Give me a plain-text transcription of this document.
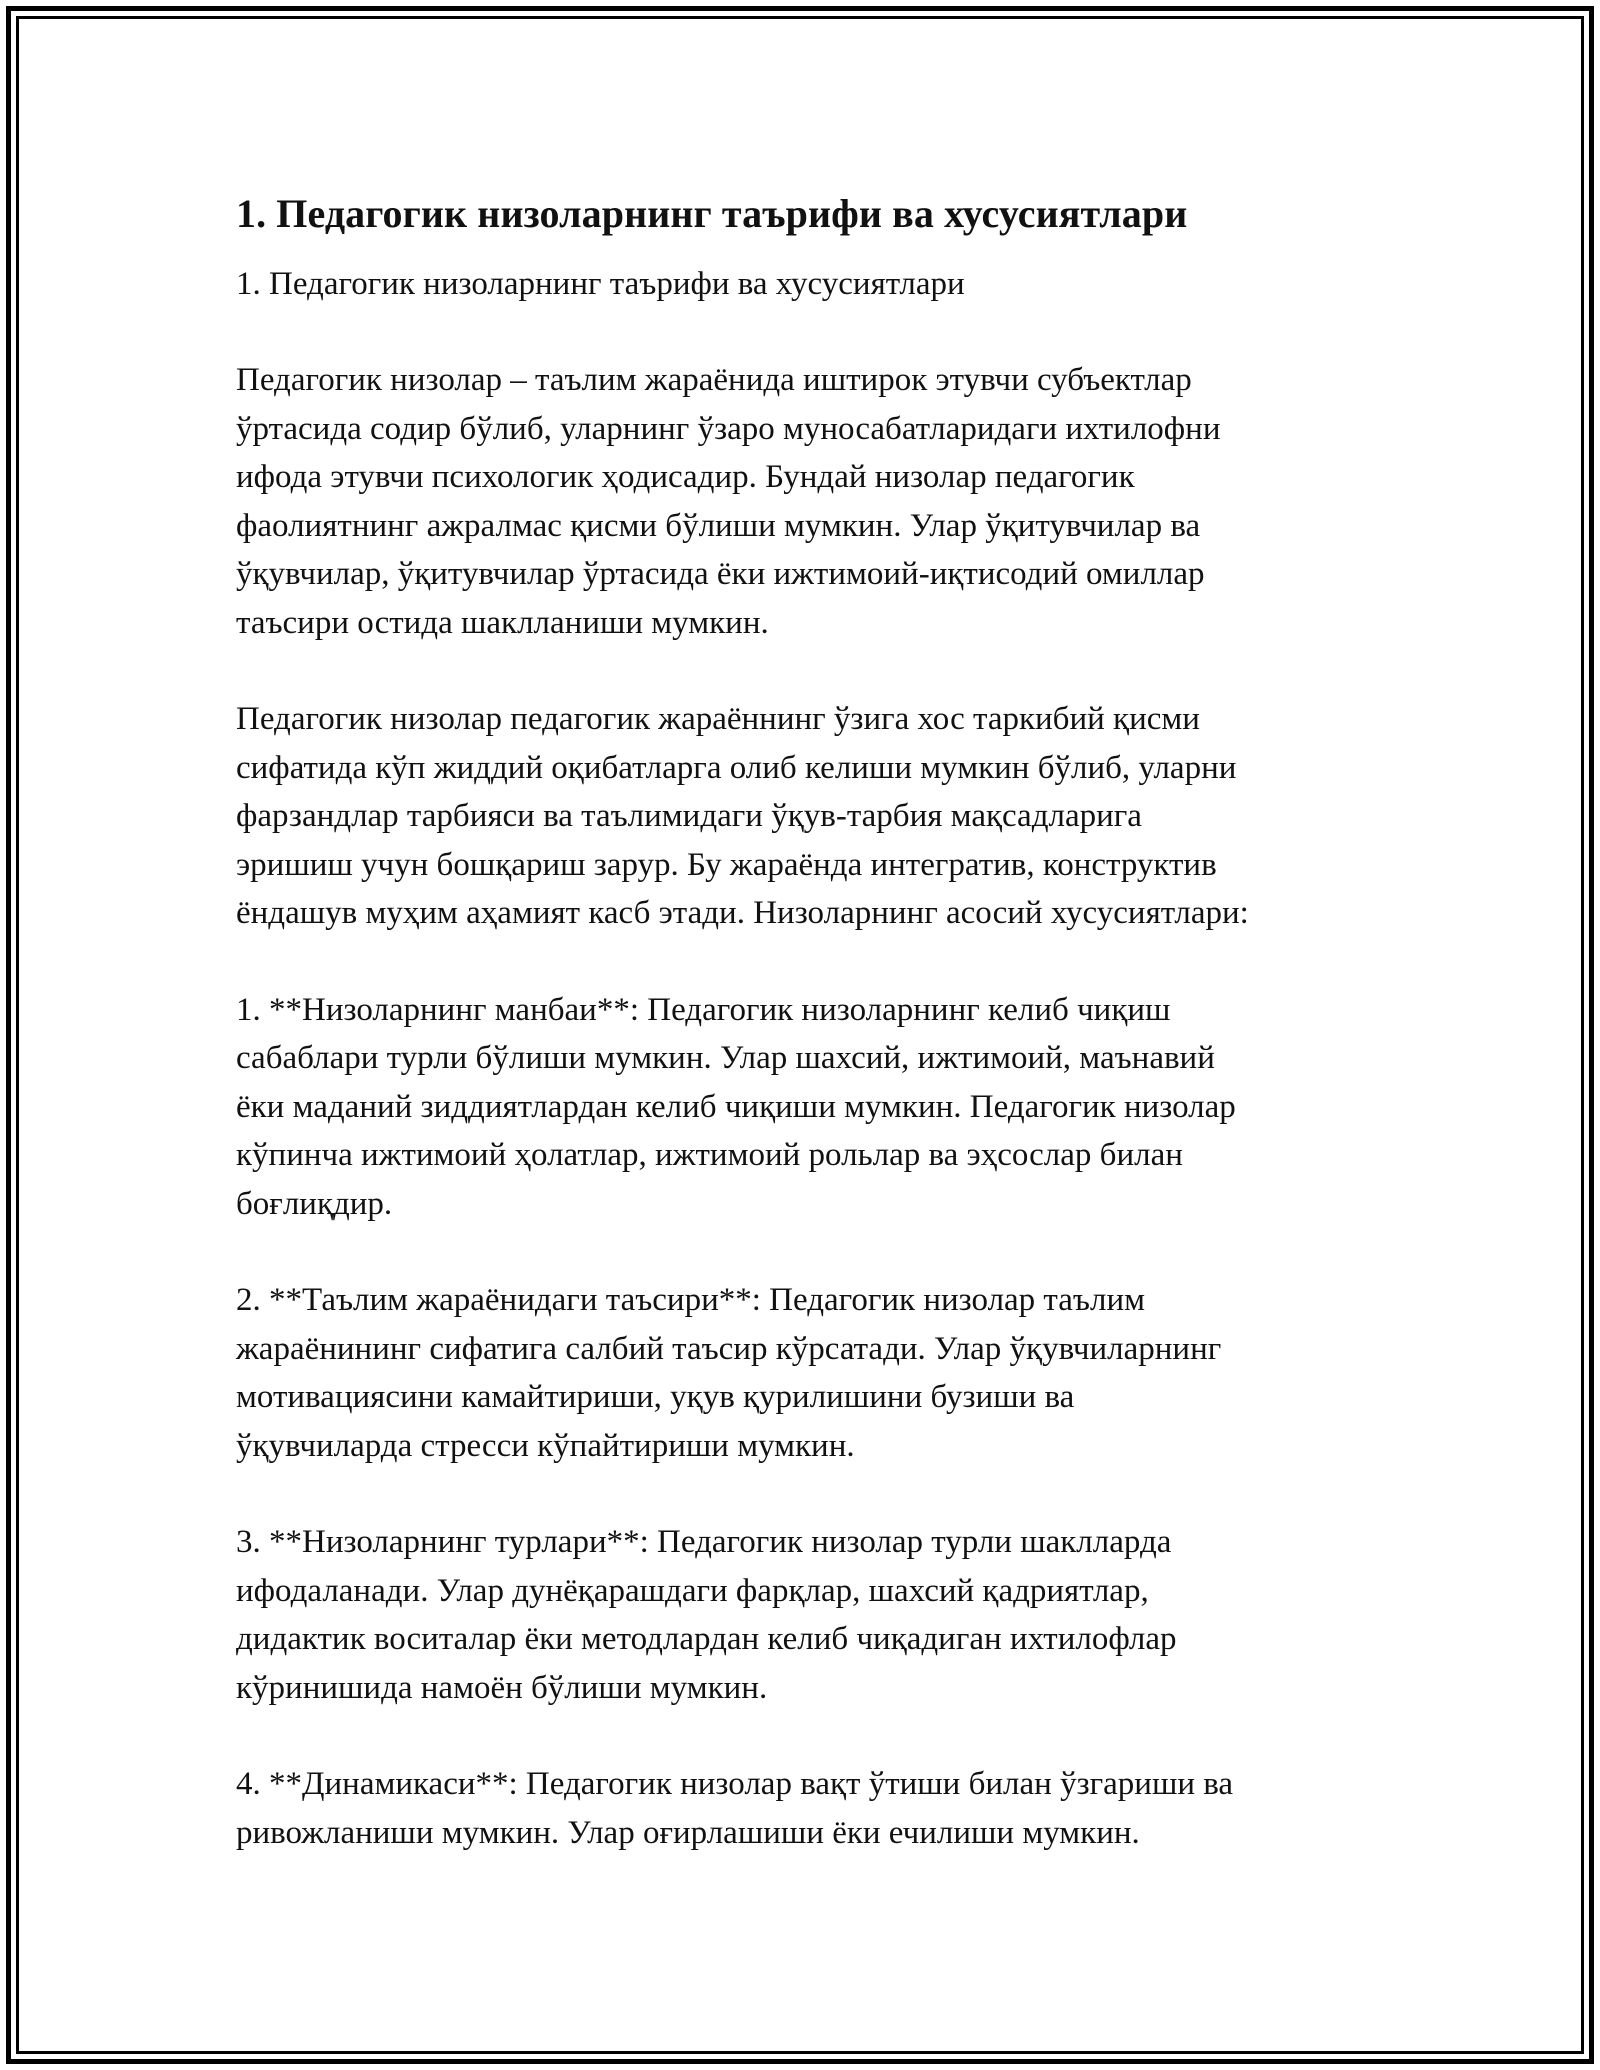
1. Педагогик низоларнинг таърифи ва хусусиятлари

1. Педагогик низоларнинг таърифи ва хусусиятлари

Педагогик низолар – таълим жараёнида иштирок этувчи субъектлар
ўртасида содир бўлиб, уларнинг ўзаро муносабатларидаги ихтилофни
ифода этувчи психологик ҳодисадир. Бундай низолар педагогик
фаолиятнинг ажралмас қисми бўлиши мумкин. Улар ўқитувчилар ва
ўқувчилар, ўқитувчилар ўртасида ёки ижтимоий-иқтисодий омиллар
таъсири остида шаклланиши мумкин.

Педагогик низолар педагогик жараённинг ўзига хос таркибий қисми
сифатида кўп жиддий оқибатларга олиб келиши мумкин бўлиб, уларни
фарзандлар тарбияси ва таълимидаги ўқув-тарбия мақсадларига
эришиш учун бошқариш зарур. Бу жараёнда интегратив, конструктив
ёндашув муҳим аҳамият касб этади. Низоларнинг асосий хусусиятлари:

1. **Низоларнинг манбаи**: Педагогик низоларнинг келиб чиқиш
сабаблари турли бўлиши мумкин. Улар шахсий, ижтимоий, маънавий
ёки маданий зиддиятлардан келиб чиқиши мумкин. Педагогик низолар
кўпинча ижтимоий ҳолатлар, ижтимоий рольлар ва эҳсослар билан
боғлиқдир.

2. **Таълим жараёнидаги таъсири**: Педагогик низолар таълим
жараёнининг сифатига салбий таъсир кўрсатади. Улар ўқувчиларнинг
мотивациясини камайтириши, уқув қурилишини бузиши ва
ўқувчиларда стресси кўпайтириши мумкин.

3. **Низоларнинг турлари**: Педагогик низолар турли шаклларда
ифодаланади. Улар дунёқарашдаги фарқлар, шахсий қадриятлар,
дидактик воситалар ёки методлардан келиб чиқадиган ихтилофлар
кўринишида намоён бўлиши мумкин.

4. **Динамикаси**: Педагогик низолар вақт ўтиши билан ўзгариши ва
ривожланиши мумкин. Улар оғирлашиши ёки ечилиши мумкин.
